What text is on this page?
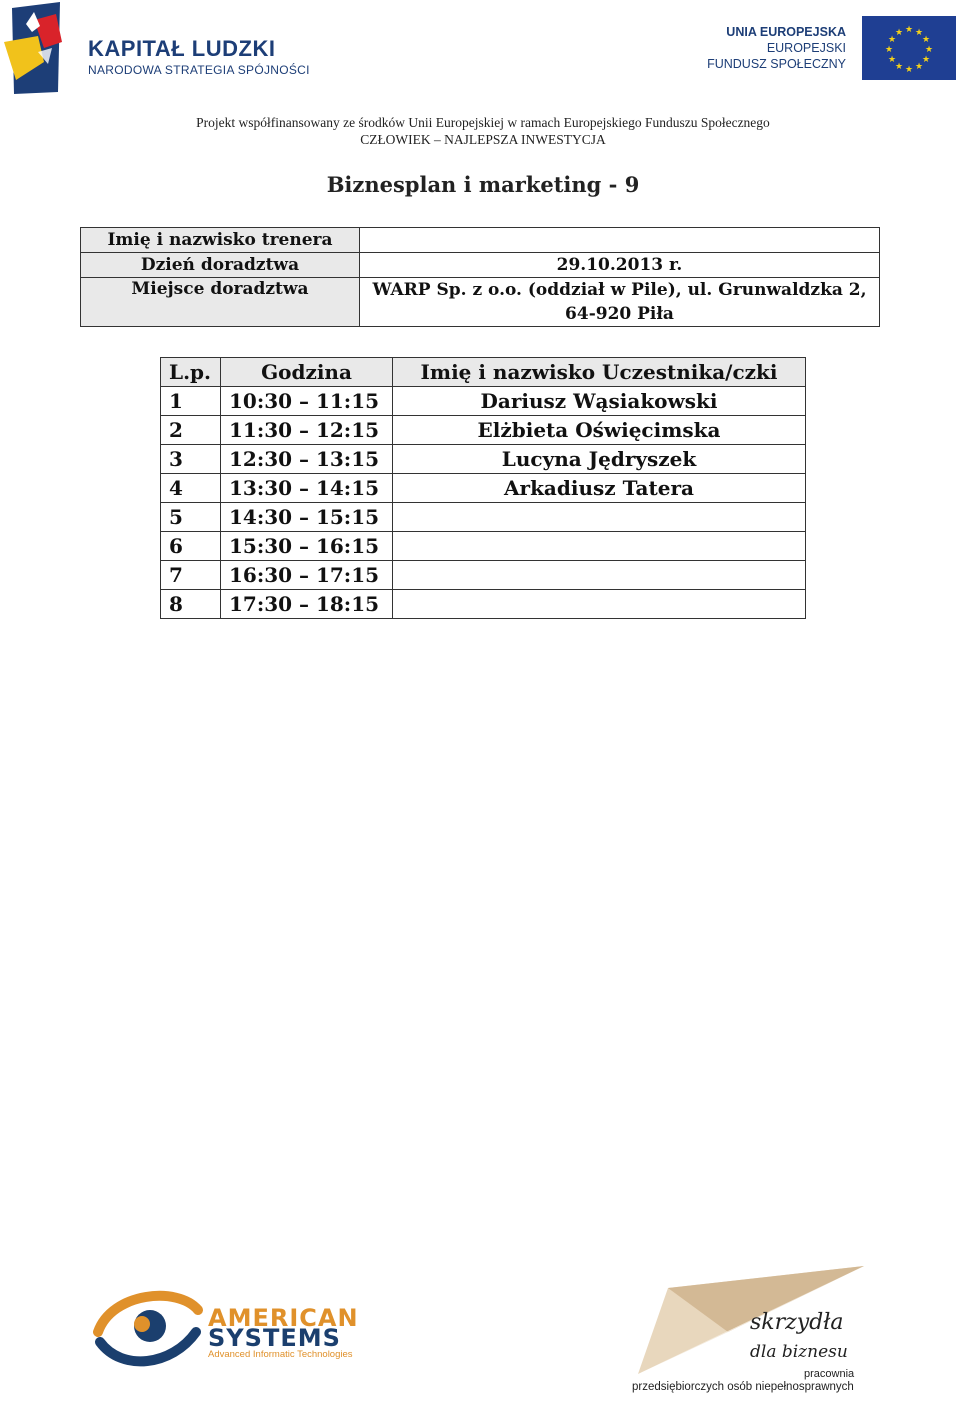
KAPITAŁ LUDZKI
NARODOWA STRATEGIA SPÓJNOŚCI
UNIA EUROPEJSKA
EUROPEJSKI
FUNDUSZ SPOŁECZNY
★ ★
★
★
★
★
★
★
★
★
★
★
Projekt współfinansowany ze środków Unii Europejskiej w ramach Europejskiego Funduszu Społecznego
CZŁOWIEK – NAJLEPSZA INWESTYCJA
Biznesplan i marketing - 9
Imię i nazwisko trenera	
Dzień doradztwa	29.10.2013 r.
Miejsce doradztwa	WARP Sp. z o.o. (oddział w Pile), ul. Grunwaldzka 2,
64-920 Piła
L.p.	Godzina	Imię i nazwisko Uczestnika/czki
1	10:30 – 11:15	Dariusz Wąsiakowski
2	11:30 – 12:15	Elżbieta Oświęcimska
3	12:30 – 13:15	Lucyna Jędryszek
4	13:30 – 14:15	Arkadiusz Tatera
5	14:30 – 15:15	
6	15:30 – 16:15	
7	16:30 – 17:15	
8	17:30 – 18:15	
AMERICAN
SYSTEMS
Advanced Informatic Technologies
skrzydła
dla biznesu
pracownia
przedsiębiorczych osób niepełnosprawnych
